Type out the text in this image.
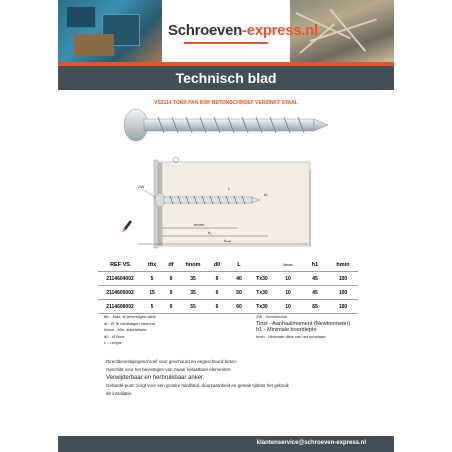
Schroeven-express.nl
Technisch blad
VS2114 TORX PAN KOP BETONSCHROEF VERZINKT STAAL
ZW
d₀
L
hnom
h₁
hₘᵢₙ
REF VS	tfix	df	hnom	d0	L		Mmax	h1	hmin
2114604002	5	9	35	6	40	Tx30	10	45	100
2114605002	15	9	35	6	50	Tx30	10	45	100
2114606002	5	9	55	6	60	Tx30	10	65	100
tfix - Max. te bevestigen dikte
df - Ø Te bevestigen element
hnom - Min. ankeldiepte
d0 - Ø Boor
L - Lengte
ZW - Voorlubdruk
Tinst - Aanhaalmoment (Newtonmeter)
h1 - Minimale boordiepte
hmin - Minimale dikte van het substraat
Directbevestigingsschroef voor geschuurd en ongescheurd beton.
Geschikt voor het bevestigen van zwaar belastbare elementen.
Verwijderbaar en herbruikbaar anker.
Gehardé punt: zorgt voor een grotere hardheid, duurzaamheid en gemak tijdens het gebruik
de installatie.
klantenservice@schroeven-express.nl
